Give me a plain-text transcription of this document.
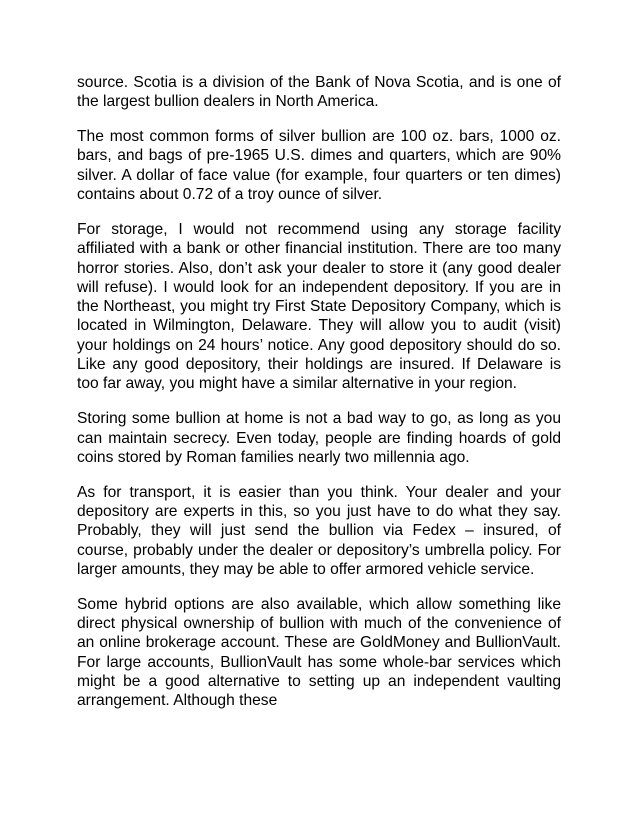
source. Scotia is a division of the Bank of Nova Scotia, and is one of the largest bullion dealers in North America.

The most common forms of silver bullion are 100 oz. bars, 1000 oz. bars, and bags of pre-1965 U.S. dimes and quarters, which are 90% silver. A dollar of face value (for example, four quarters or ten dimes) contains about 0.72 of a troy ounce of silver.

For storage, I would not recommend using any storage facility affiliated with a bank or other financial institution. There are too many horror stories. Also, don’t ask your dealer to store it (any good dealer will refuse). I would look for an independent depository. If you are in the Northeast, you might try First State Depository Company, which is located in Wilmington, Delaware. They will allow you to audit (visit) your holdings on 24 hours’ notice. Any good depository should do so. Like any good depository, their holdings are insured. If Delaware is too far away, you might have a similar alternative in your region.

Storing some bullion at home is not a bad way to go, as long as you can maintain secrecy. Even today, people are finding hoards of gold coins stored by Roman families nearly two millennia ago.

As for transport, it is easier than you think. Your dealer and your depository are experts in this, so you just have to do what they say. Probably, they will just send the bullion via Fedex – insured, of course, probably under the dealer or depository’s umbrella policy. For larger amounts, they may be able to offer armored vehicle service.

Some hybrid options are also available, which allow something like direct physical ownership of bullion with much of the convenience of an online brokerage account. These are GoldMoney and BullionVault. For large accounts, BullionVault has some whole-bar services which might be a good alternative to setting up an independent vaulting arrangement. Although these
